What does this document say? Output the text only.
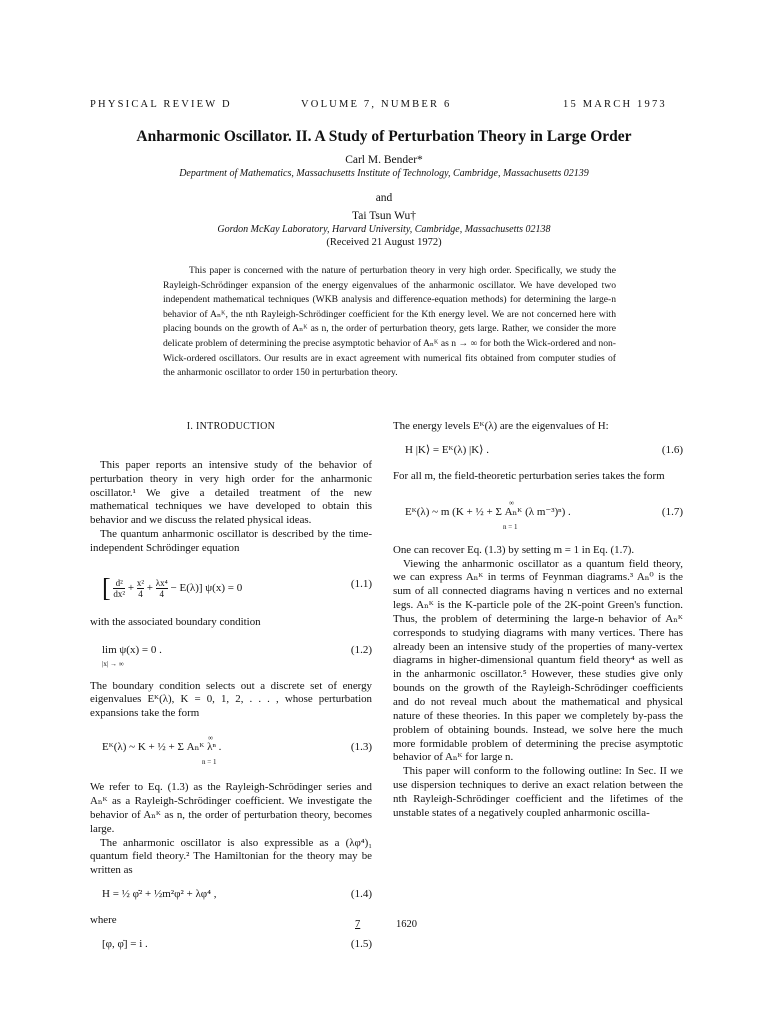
PHYSICAL REVIEW D	VOLUME 7, NUMBER 6	15 MARCH 1973
Anharmonic Oscillator. II. A Study of Perturbation Theory in Large Order
Carl M. Bender*
Department of Mathematics, Massachusetts Institute of Technology, Cambridge, Massachusetts 02139
and
Tai Tsun Wu†
Gordon McKay Laboratory, Harvard University, Cambridge, Massachusetts 02138
(Received 21 August 1972)

This paper is concerned with the nature of perturbation theory in very high order. Specifically, we study the Rayleigh-Schrödinger expansion of the energy eigenvalues of the anharmonic oscillator. We have developed two independent mathematical techniques (WKB analysis and difference-equation methods) for determining the large-n behavior of Aₙᴷ, the nth Rayleigh-Schrödinger coefficient for the Kth energy level. We are not concerned here with placing bounds on the growth of Aₙᴷ as n, the order of perturbation theory, gets large. Rather, we consider the more delicate problem of determining the precise asymptotic behavior of Aₙᴷ as n → ∞ for both the Wick-ordered and non-Wick-ordered oscillators. Our results are in exact agreement with numerical fits obtained from computer studies of the anharmonic oscillator to order 150 in perturbation theory.

I. INTRODUCTION

This paper reports an intensive study of the behavior of perturbation theory in very high order for the anharmonic oscillator.¹ We give a detailed treatment of the new mathematical techniques we have developed to obtain this behavior and we discuss the related physical ideas.

The quantum anharmonic oscillator is described by the time-independent Schrödinger equation

[ $\frac{\text{d²}}{\text{dx²}} + \frac{\text{x²}}{4} + \frac{\text{λx⁴}}{4} - E(\lambda)$] ψ(x) = 0	(1.1)

with the associated boundary condition

lim ψ(x) = 0 .
|x| → ∞
(1.2)

The boundary condition selects out a discrete set of energy eigenvalues Eᴷ(λ), K = 0, 1, 2, . . . , whose perturbation expansions take the form

Eᴷ(λ) ~ K + ½ + Σ Aₙᴷ λⁿ .
∞
n = 1
(1.3)

We refer to Eq. (1.3) as the Rayleigh-Schrödinger series and Aₙᴷ as a Rayleigh-Schrödinger coefficient. We investigate the behavior of Aₙᴷ as n, the order of perturbation theory, becomes large.

The anharmonic oscillator is also expressible as a (λφ⁴)₁ quantum field theory.² The Hamiltonian for the theory may be written as

H = ½ φ̇² + ½m²φ² + λφ⁴ ,	(1.4)

where

[φ, φ̇] = i .	(1.5)

The energy levels Eᴷ(λ) are the eigenvalues of H:

H |K⟩ = Eᴷ(λ) |K⟩ .	(1.6)

For all m, the field-theoretic perturbation series takes the form

Eᴷ(λ) ~ m (K + ½ + Σ Aₙᴷ (λ m⁻³)ⁿ) .
∞
n = 1
(1.7)

One can recover Eq. (1.3) by setting m = 1 in Eq. (1.7).

Viewing the anharmonic oscillator as a quantum field theory, we can express Aₙᴷ in terms of Feynman diagrams.³ Aₙ⁰ is the sum of all connected diagrams having n vertices and no external legs. Aₙᴷ is the K-particle pole of the 2K-point Green's function. Thus, the problem of determining the large-n behavior of Aₙᴷ corresponds to studying diagrams with many vertices. There has already been an intensive study of the properties of many-vertex diagrams in higher-dimensional quantum field theory⁴ as well as in the anharmonic oscillator.⁵ However, these studies give only bounds on the growth of the Rayleigh-Schrödinger coefficients and do not reveal much about the mathematical and physical nature of these theories. In this paper we completely by-pass the problem of obtaining bounds. Instead, we solve here the much more formidable problem of determining the precise asymptotic behavior of Aₙᴷ for large n.

This paper will conform to the following outline: In Sec. II we use dispersion techniques to derive an exact relation between the nth Rayleigh-Schrödinger coefficient and the lifetimes of the unstable states of a negatively coupled anharmonic oscilla-

7	1620
